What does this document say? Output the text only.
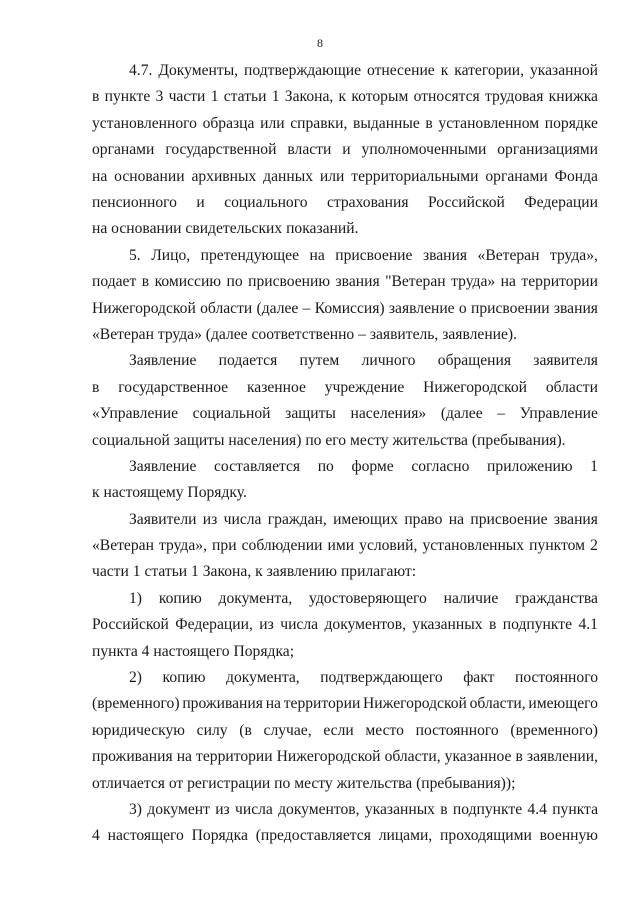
8
4.7. Документы, подтверждающие отнесение к категории, указанной
в пункте 3 части 1 статьи 1 Закона, к которым относятся трудовая книжка
установленного образца или справки, выданные в установленном порядке
органами государственной власти и уполномоченными организациями
на основании архивных данных или территориальными органами Фонда
пенсионного и социального страхования Российской Федерации
на основании свидетельских показаний.
5. Лицо, претендующее на присвоение звания «Ветеран труда»,
подает в комиссию по присвоению звания "Ветеран труда» на территории
Нижегородской области (далее – Комиссия) заявление о присвоении звания
«Ветеран труда» (далее соответственно – заявитель, заявление).
Заявление подается путем личного обращения заявителя
в государственное казенное учреждение Нижегородской области
«Управление социальной защиты населения» (далее – Управление
социальной защиты населения) по его месту жительства (пребывания).
Заявление составляется по форме согласно приложению 1
к настоящему Порядку.
Заявители из числа граждан, имеющих право на присвоение звания
«Ветеран труда», при соблюдении ими условий, установленных пунктом 2
части 1 статьи 1 Закона, к заявлению прилагают:
1) копию документа, удостоверяющего наличие гражданства
Российской Федерации, из числа документов, указанных в подпункте 4.1
пункта 4 настоящего Порядка;
2) копию документа, подтверждающего факт постоянного
(временного) проживания на территории Нижегородской области, имеющего
юридическую силу (в случае, если место постоянного (временного)
проживания на территории Нижегородской области, указанное в заявлении,
отличается от регистрации по месту жительства (пребывания));
3) документ из числа документов, указанных в подпункте 4.4 пункта
4 настоящего Порядка (предоставляется лицами, проходящими военную
